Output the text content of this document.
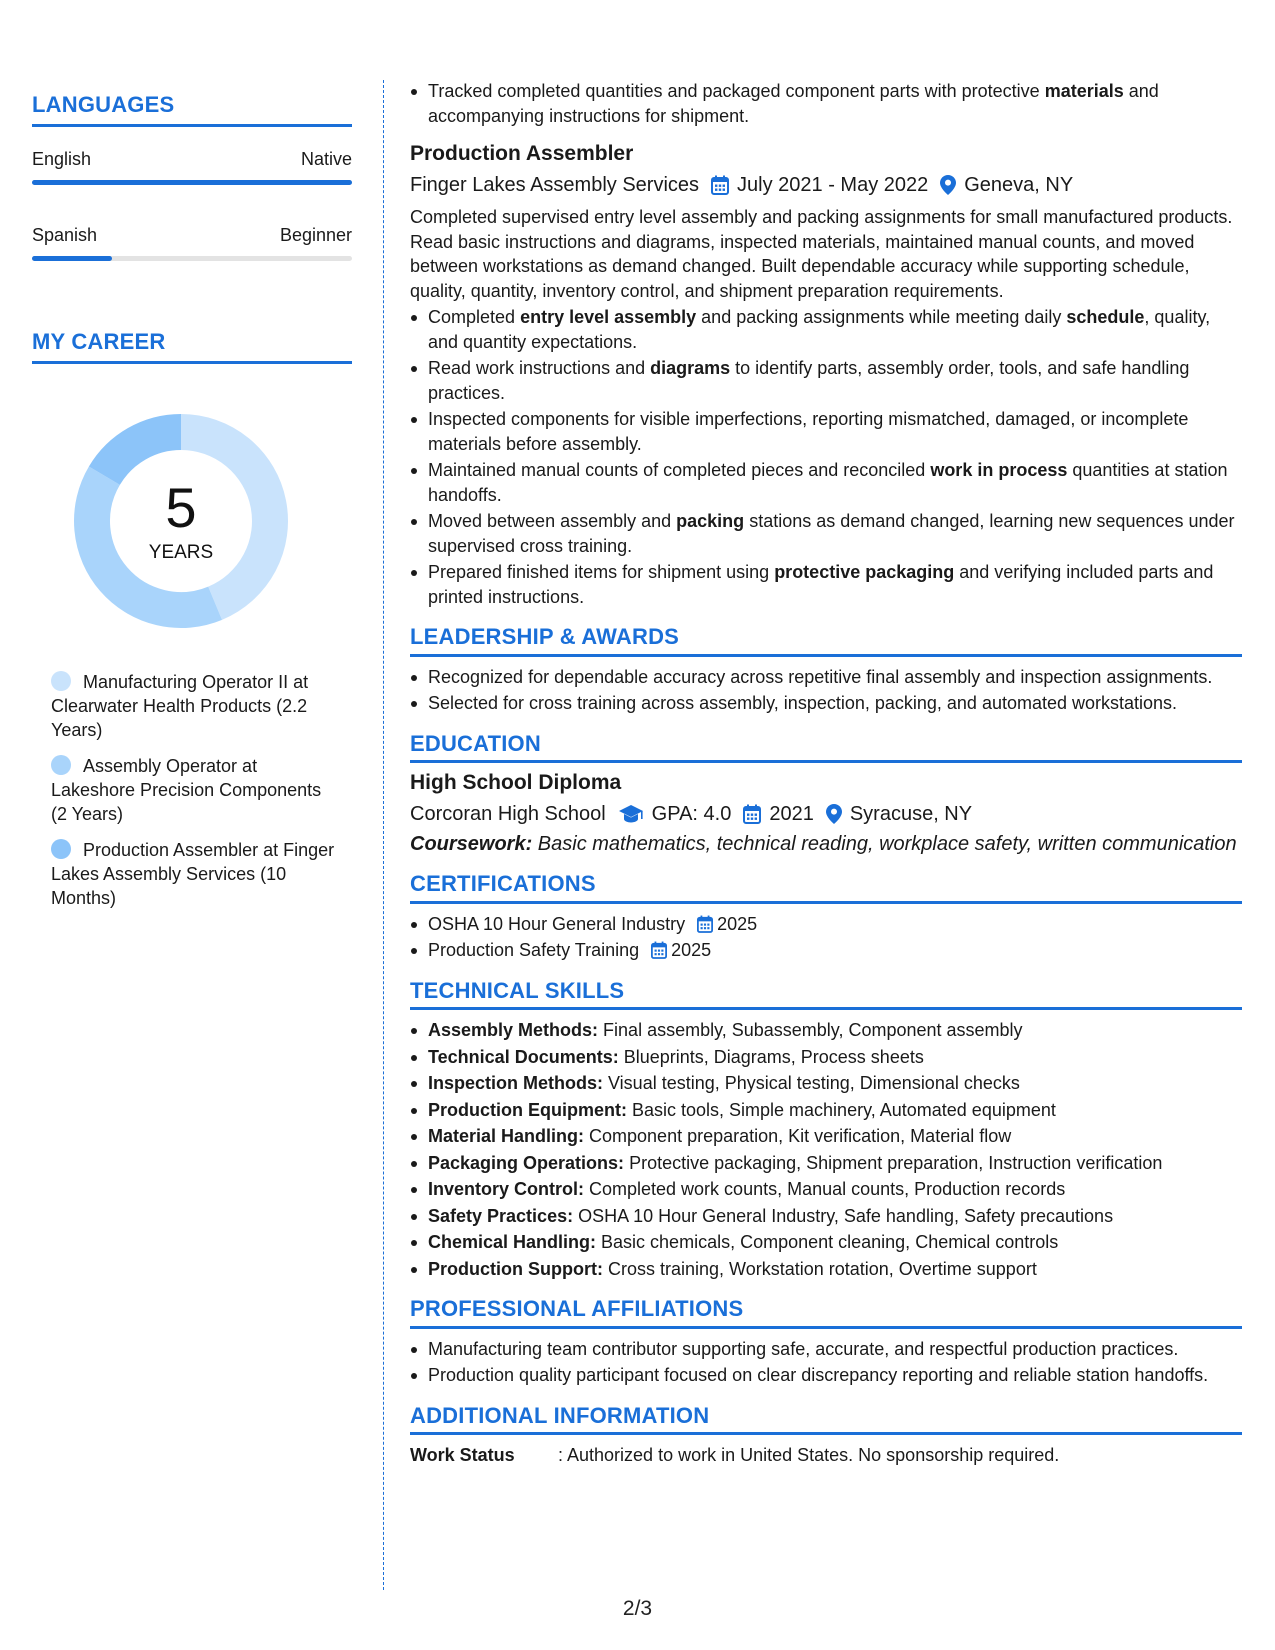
LANGUAGES
English	Native
Spanish	Beginner
MY CAREER
5
YEARS
Manufacturing Operator II at Clearwater Health Products (2.2 Years)
Assembly Operator at Lakeshore Precision Components (2 Years)
Production Assembler at Finger Lakes Assembly Services (10 Months)
Tracked completed quantities and packaged component parts with protective materials and accompanying instructions for shipment.
Production Assembler
Finger Lakes Assembly Services July 2021 - May 2022 Geneva, NY
Completed supervised entry level assembly and packing assignments for small manufactured products. Read basic instructions and diagrams, inspected materials, maintained manual counts, and moved between workstations as demand changed. Built dependable accuracy while supporting schedule, quality, quantity, inventory control, and shipment preparation requirements.
Completed entry level assembly and packing assignments while meeting daily schedule, quality, and quantity expectations.
Read work instructions and diagrams to identify parts, assembly order, tools, and safe handling practices.
Inspected components for visible imperfections, reporting mismatched, damaged, or incomplete materials before assembly.
Maintained manual counts of completed pieces and reconciled work in process quantities at station handoffs.
Moved between assembly and packing stations as demand changed, learning new sequences under supervised cross training.
Prepared finished items for shipment using protective packaging and verifying included parts and printed instructions.
LEADERSHIP & AWARDS
Recognized for dependable accuracy across repetitive final assembly and inspection assignments.
Selected for cross training across assembly, inspection, packing, and automated workstations.
EDUCATION
High School Diploma
Corcoran High School GPA: 4.0 2021 Syracuse, NY
Coursework: Basic mathematics, technical reading, workplace safety, written communication
CERTIFICATIONS
OSHA 10 Hour General Industry 2025
Production Safety Training 2025
TECHNICAL SKILLS
Assembly Methods: Final assembly, Subassembly, Component assembly
Technical Documents: Blueprints, Diagrams, Process sheets
Inspection Methods: Visual testing, Physical testing, Dimensional checks
Production Equipment: Basic tools, Simple machinery, Automated equipment
Material Handling: Component preparation, Kit verification, Material flow
Packaging Operations: Protective packaging, Shipment preparation, Instruction verification
Inventory Control: Completed work counts, Manual counts, Production records
Safety Practices: OSHA 10 Hour General Industry, Safe handling, Safety precautions
Chemical Handling: Basic chemicals, Component cleaning, Chemical controls
Production Support: Cross training, Workstation rotation, Overtime support
PROFESSIONAL AFFILIATIONS
Manufacturing team contributor supporting safe, accurate, and respectful production practices.
Production quality participant focused on clear discrepancy reporting and reliable station handoffs.
ADDITIONAL INFORMATION
Work Status	: Authorized to work in United States. No sponsorship required.
2/3
